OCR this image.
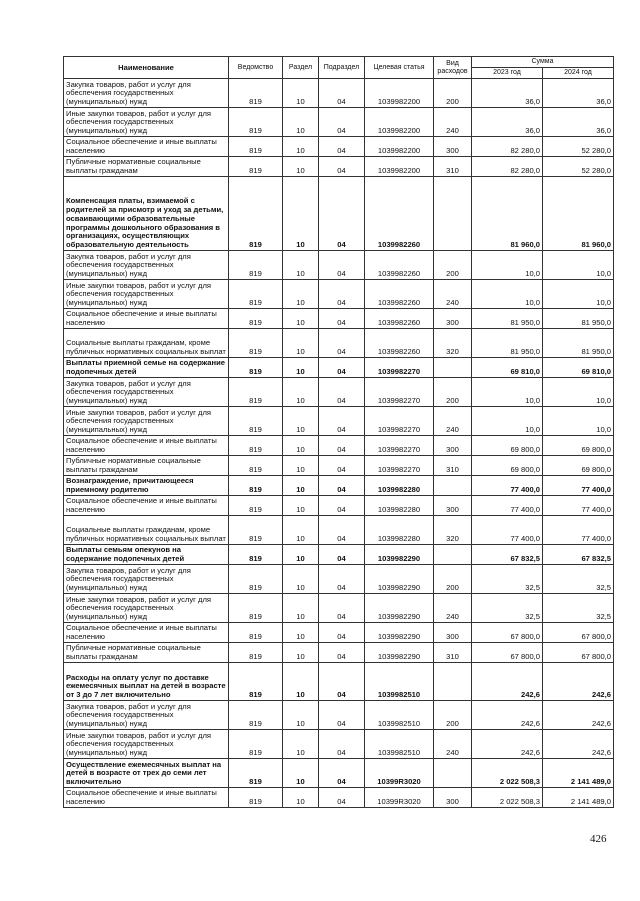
Наименование	Ведомство	Раздел	Подраздел	Целевая статья	Вид расходов	Сумма	
						2023 год	2024 год
Закупка товаров, работ и услуг для обеспечения государственных (муниципальных) нужд	819	10	04	1039982200	200	36,0	36,0
Иные закупки товаров, работ и услуг для обеспечения государственных (муниципальных) нужд	819	10	04	1039982200	240	36,0	36,0
Социальное обеспечение и иные выплаты населению	819	10	04	1039982200	300	82 280,0	52 280,0
Публичные нормативные социальные выплаты гражданам	819	10	04	1039982200	310	82 280,0	52 280,0
Компенсация платы, взимаемой с родителей за присмотр и уход за детьми, осваивающими образовательные программы дошкольного образования в организациях, осуществляющих образовательную деятельность	819	10	04	1039982260		81 960,0	81 960,0
Закупка товаров, работ и услуг для обеспечения государственных (муниципальных) нужд	819	10	04	1039982260	200	10,0	10,0
Иные закупки товаров, работ и услуг для обеспечения государственных (муниципальных) нужд	819	10	04	1039982260	240	10,0	10,0
Социальное обеспечение и иные выплаты населению	819	10	04	1039982260	300	81 950,0	81 950,0
Социальные выплаты гражданам, кроме публичных нормативных социальных выплат	819	10	04	1039982260	320	81 950,0	81 950,0
Выплаты приемной семье на содержание подопечных детей	819	10	04	1039982270		69 810,0	69 810,0
Закупка товаров, работ и услуг для обеспечения государственных (муниципальных) нужд	819	10	04	1039982270	200	10,0	10,0
Иные закупки товаров, работ и услуг для обеспечения государственных (муниципальных) нужд	819	10	04	1039982270	240	10,0	10,0
Социальное обеспечение и иные выплаты населению	819	10	04	1039982270	300	69 800,0	69 800,0
Публичные нормативные социальные выплаты гражданам	819	10	04	1039982270	310	69 800,0	69 800,0
Вознаграждение, причитающееся приемному родителю	819	10	04	1039982280		77 400,0	77 400,0
Социальное обеспечение и иные выплаты населению	819	10	04	1039982280	300	77 400,0	77 400,0
Социальные выплаты гражданам, кроме публичных нормативных социальных выплат	819	10	04	1039982280	320	77 400,0	77 400,0
Выплаты семьям опекунов на содержание подопечных детей	819	10	04	1039982290		67 832,5	67 832,5
Закупка товаров, работ и услуг для обеспечения государственных (муниципальных) нужд	819	10	04	1039982290	200	32,5	32,5
Иные закупки товаров, работ и услуг для обеспечения государственных (муниципальных) нужд	819	10	04	1039982290	240	32,5	32,5
Социальное обеспечение и иные выплаты населению	819	10	04	1039982290	300	67 800,0	67 800,0
Публичные нормативные социальные выплаты гражданам	819	10	04	1039982290	310	67 800,0	67 800,0
Расходы на оплату услуг по доставке ежемесячных выплат на детей в возрасте от 3 до 7 лет включительно	819	10	04	1039982510		242,6	242,6
Закупка товаров, работ и услуг для обеспечения государственных (муниципальных) нужд	819	10	04	1039982510	200	242,6	242,6
Иные закупки товаров, работ и услуг для обеспечения государственных (муниципальных) нужд	819	10	04	1039982510	240	242,6	242,6
Осуществление ежемесячных выплат на детей в возрасте от трех до семи лет включительно	819	10	04	10399R3020		2 022 508,3	2 141 489,0
Социальное обеспечение и иные выплаты населению	819	10	04	10399R3020	300	2 022 508,3	2 141 489,0
426
